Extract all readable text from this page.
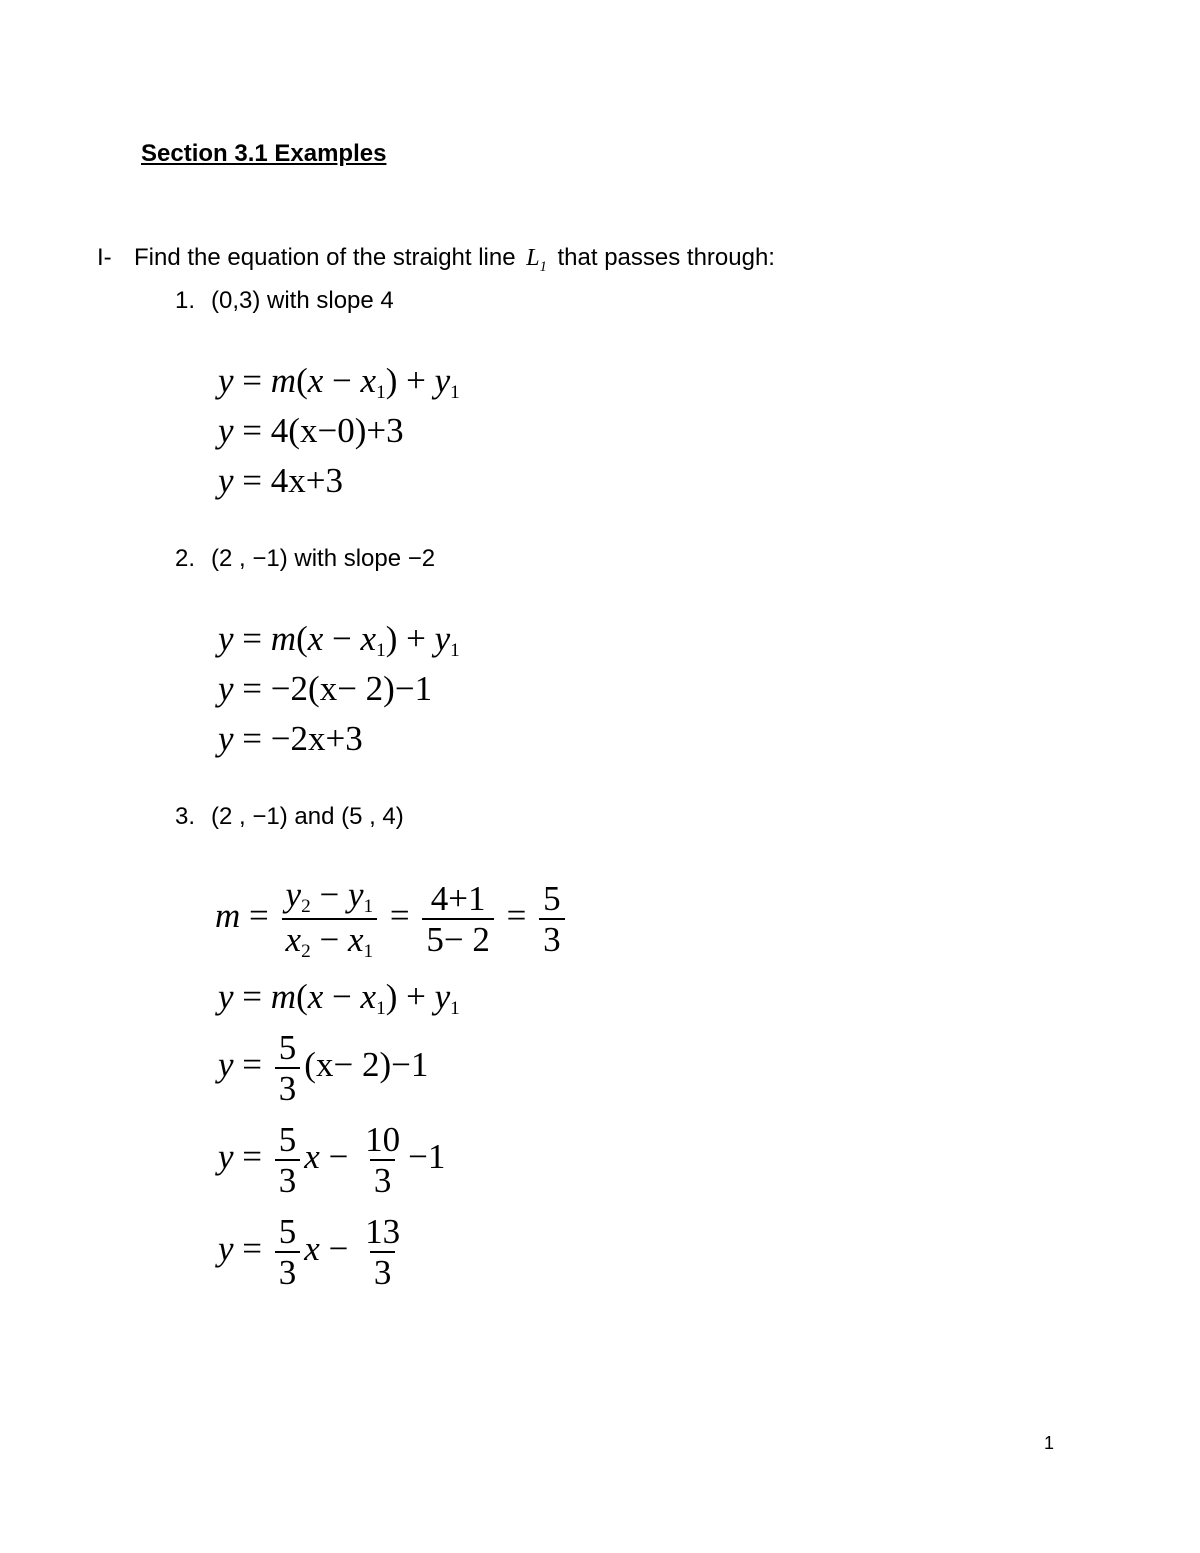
Section 3.1 Examples
I- Find the equation of the straight line $L_1$ that passes through:
1. (0,3) with slope 4
$y = m(x - x_1) + y_1$
y = 4(x−0)+3
y = 4x+3
2. (2 , −1) with slope −2
$y = m(x - x_1) + y_1$
y = −2(x− 2)−1
y = −2x+3
3. (2 , −1) and (5 , 4)
$m = \frac{y_2 - y_1}{x_2 - x_1} = \frac{4+1}{5- 2} = \frac{5}{3}$
$y = m(x - x_1) + y_1$
$y = \frac{5}{3} (x- 2)-1$
$y = \frac{5}{3}$ $x - \frac{10}{3} -1$
$y = \frac{5}{3}$ $x - \frac{13}{3}$
1
